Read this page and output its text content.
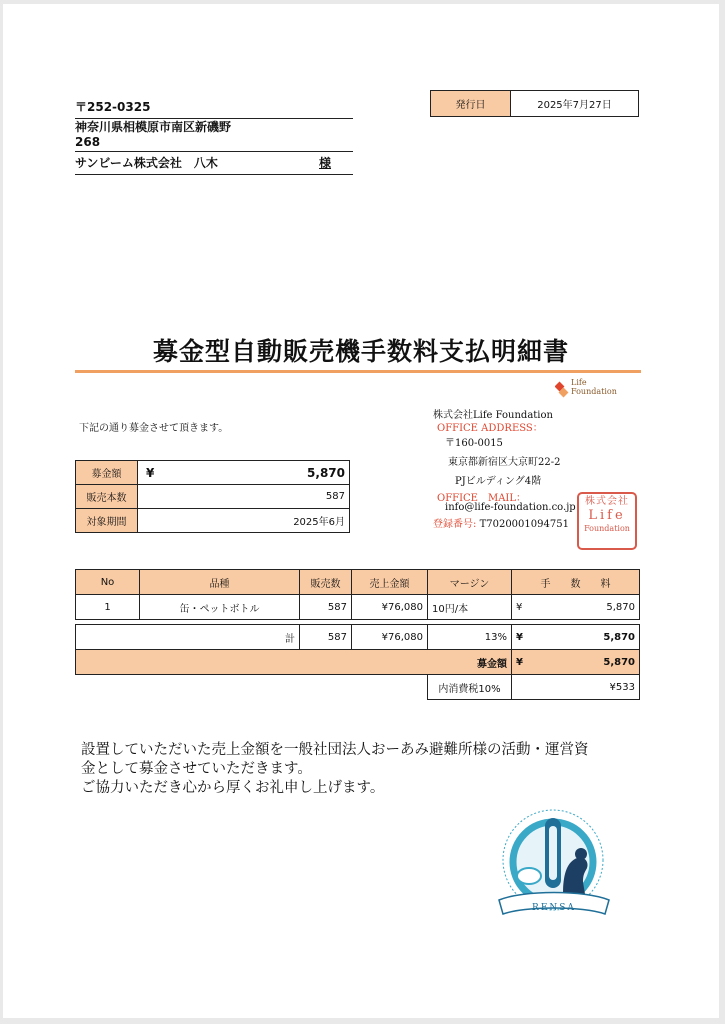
〒252-0325
神奈川県相模原市南区新磯野
268
サンビーム株式会社　八木	様
発行日	2025年7月27日
募金型自動販売機手数料支払明細書
Life
Foundation
下記の通り募金させて頂きます。
株式会社Life Foundation
OFFICE ADDRESS：
〒160-0015
東京都新宿区大京町22-2
PJビルディング4階
OFFICE　MAIL：
info@life-foundation.co.jp
登録番号: T7020001094751
株式会社
Life
Foundation
募金額	¥ 5,870
販売本数	587
対象期間	2025年6月
No	品種	販売数	売上金額	マージン	手　　数　　料
1	缶・ペットボトル	587	¥76,080	10円/本	¥ 5,870

計		587	¥76,080	13%	¥ 5,870
募金額					¥ 5,870
				内消費税10%	¥533
設置していただいた売上金額を一般社団法人おーあみ避難所様の活動・運営資
金として募金させていただきます。
ご協力いただき心から厚くお礼申し上げます。
RENSA
